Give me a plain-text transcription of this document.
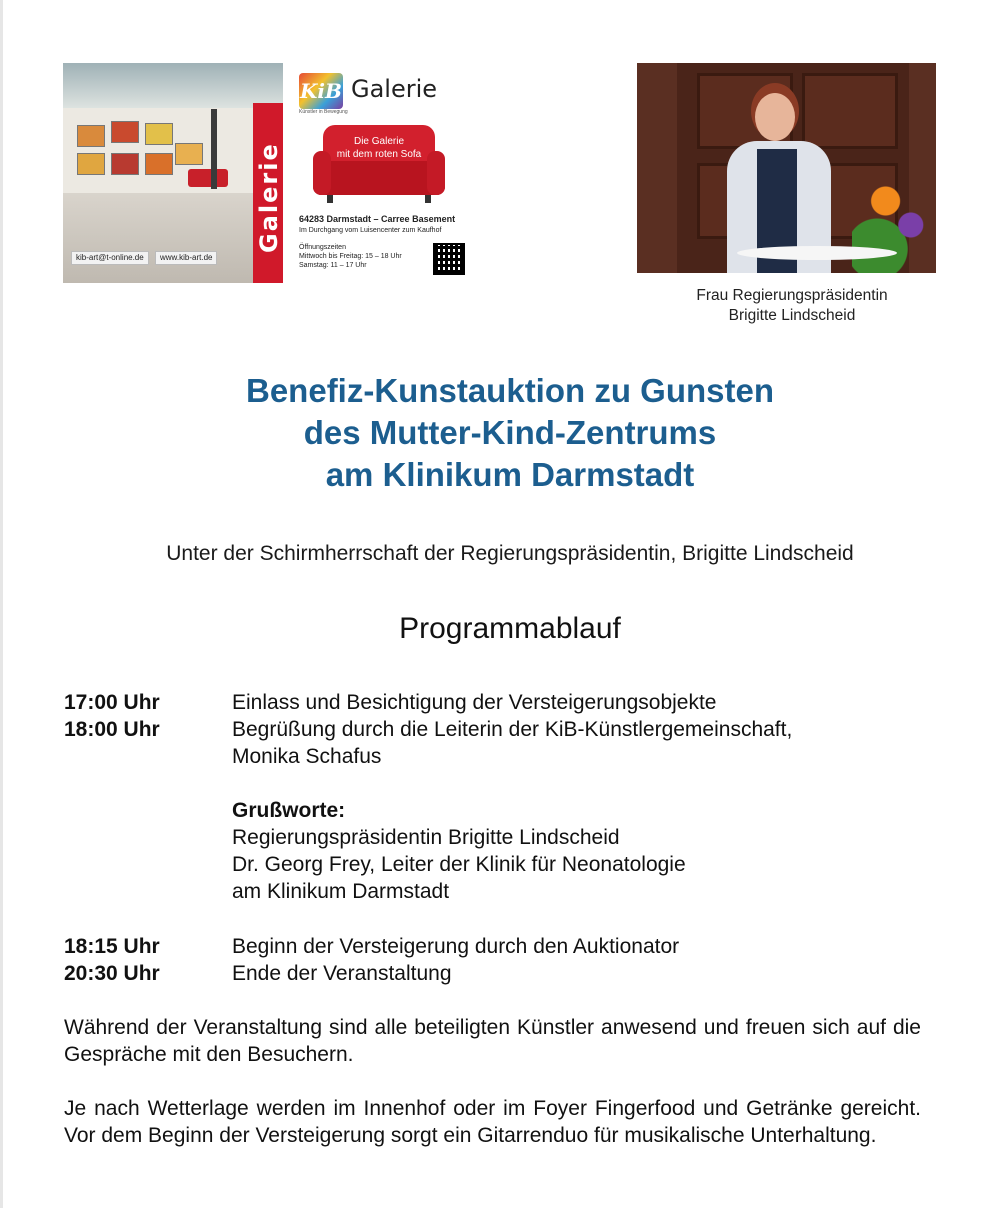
kib-art@t-online.de	www.kib-art.de
Galerie
KiB
Künstler in Bewegung
Galerie
Die Galerie
mit dem roten Sofa
64283 Darmstadt – Carree Basement
Im Durchgang vom Luisencenter zum Kaufhof
Öffnungszeiten
Mittwoch bis Freitag: 15 – 18 Uhr
Samstag: 11 – 17 Uhr
Frau Regierungspräsidentin
Brigitte Lindscheid
Benefiz-Kunstauktion zu Gunsten
des Mutter-Kind-Zentrums
am Klinikum Darmstadt
Unter der Schirmherrschaft der Regierungspräsidentin, Brigitte Lindscheid
Programmablauf
17:00 Uhr	Einlass und Besichtigung der Versteigerungsobjekte
18:00 Uhr	Begrüßung durch die Leiterin der KiB-Künstlergemeinschaft,
Monika Schafus
Grußworte:
Regierungspräsidentin Brigitte Lindscheid
Dr. Georg Frey, Leiter der Klinik für Neonatologie
am Klinikum Darmstadt
18:15 Uhr	Beginn der Versteigerung durch den Auktionator
20:30 Uhr	Ende der Veranstaltung
Während der Veranstaltung sind alle beteiligten Künstler anwesend und freuen sich auf die Gespräche mit den Besuchern.
Je nach Wetterlage werden im Innenhof oder im Foyer Fingerfood und Getränke gereicht. Vor dem Beginn der Versteigerung sorgt ein Gitarrenduo für musikalische Unterhaltung.
